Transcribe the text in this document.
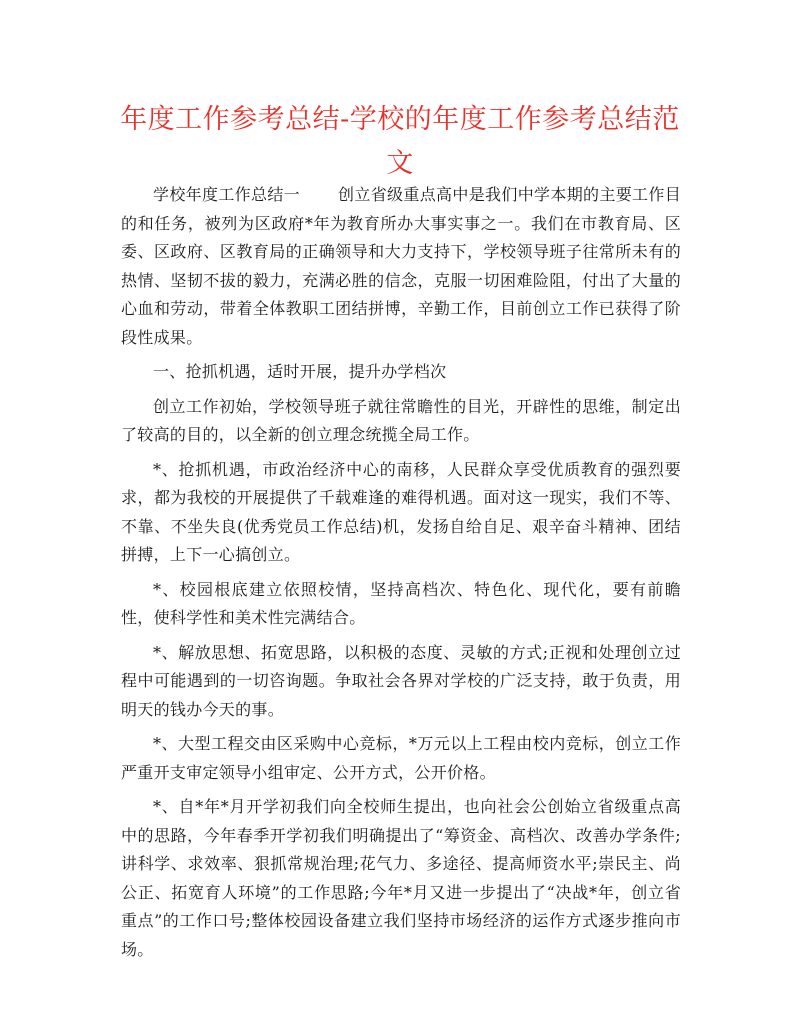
年度工作参考总结-学校的年度工作参考总结范文

学校年度工作总结一 创立省级重点高中是我们中学本期的主要工作目的和任务，被列为区政府*年为教育所办大事实事之一。我们在市教育局、区委、区政府、区教育局的正确领导和大力支持下，学校领导班子往常所未有的热情、坚韧不拔的毅力，充满必胜的信念，克服一切困难险阻，付出了大量的心血和劳动，带着全体教职工团结拼博，辛勤工作，目前创立工作已获得了阶段性成果。

一、抢抓机遇，适时开展，提升办学档次

创立工作初始，学校领导班子就往常瞻性的目光，开辟性的思维，制定出了较高的目的，以全新的创立理念统揽全局工作。

*、抢抓机遇，市政治经济中心的南移，人民群众享受优质教育的强烈要求，都为我校的开展提供了千载难逢的难得机遇。面对这一现实，我们不等、不靠、不坐失良(优秀党员工作总结)机，发扬自给自足、艰辛奋斗精神、团结拼搏，上下一心搞创立。

*、校园根底建立依照校情，坚持高档次、特色化、现代化，要有前瞻性，使科学性和美术性完满结合。

*、解放思想、拓宽思路，以积极的态度、灵敏的方式;正视和处理创立过程中可能遇到的一切咨询题。争取社会各界对学校的广泛支持，敢于负责，用明天的钱办今天的事。

*、大型工程交由区采购中心竞标，*万元以上工程由校内竞标，创立工作严重开支审定领导小组审定、公开方式，公开价格。

*、自*年*月开学初我们向全校师生提出，也向社会公创始立省级重点高中的思路，今年春季开学初我们明确提出了“筹资金、高档次、改善办学条件;讲科学、求效率、狠抓常规治理;花气力、多途径、提高师资水平;崇民主、尚公正、拓宽育人环境”的工作思路;今年*月又进一步提出了“决战*年，创立省重点”的工作口号;整体校园设备建立我们坚持市场经济的运作方式逐步推向市场。
